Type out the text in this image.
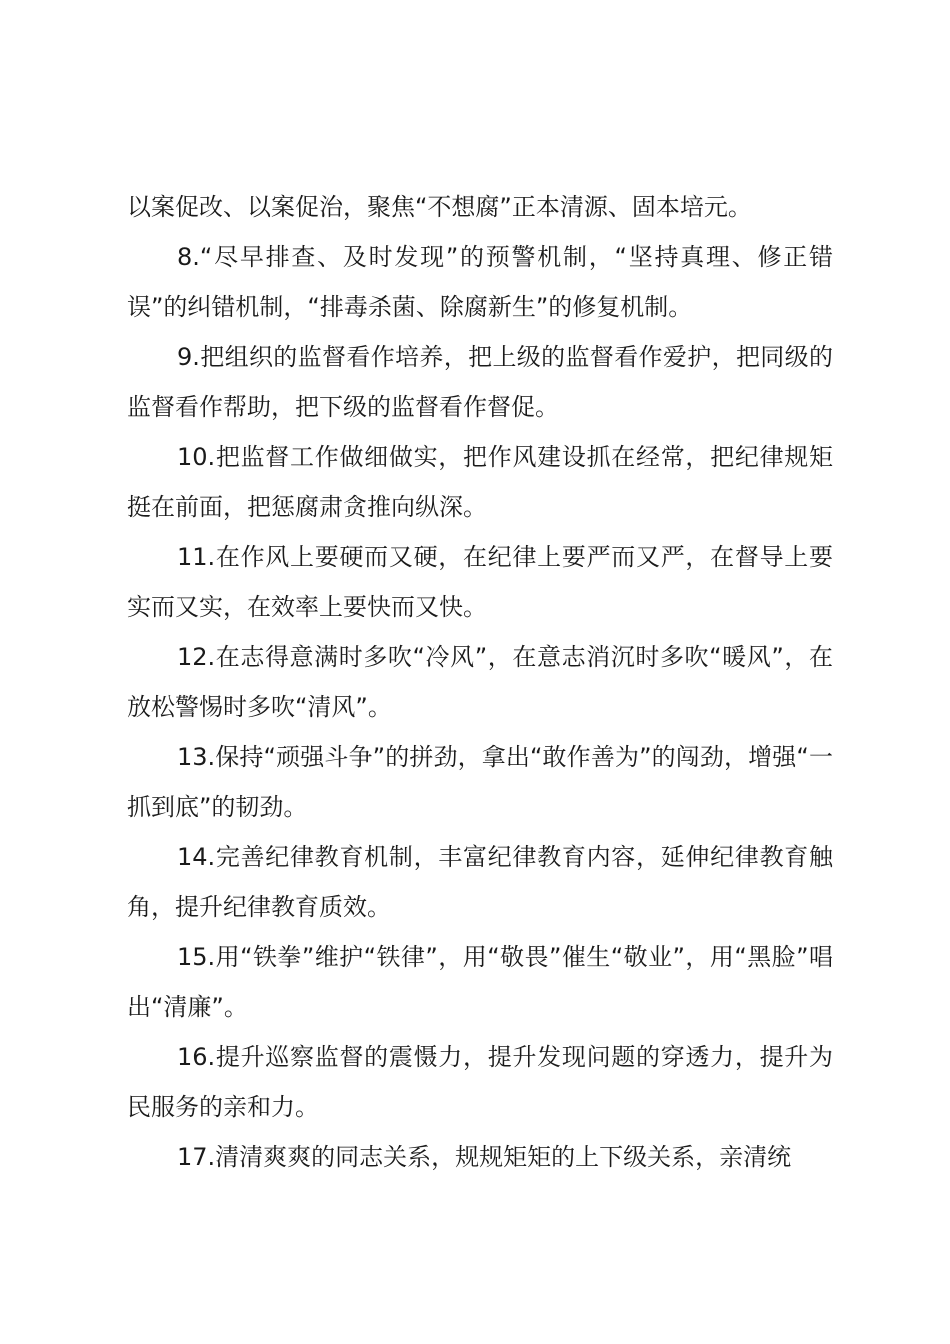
以案促改、以案促治，聚焦“不想腐”正本清源、固本培元。

8.“尽早排查、及时发现”的预警机制，“坚持真理、修正错误”的纠错机制，“排毒杀菌、除腐新生”的修复机制。

9.把组织的监督看作培养，把上级的监督看作爱护，把同级的监督看作帮助，把下级的监督看作督促。

10.把监督工作做细做实，把作风建设抓在经常，把纪律规矩挺在前面，把惩腐肃贪推向纵深。

11.在作风上要硬而又硬，在纪律上要严而又严，在督导上要实而又实，在效率上要快而又快。

12.在志得意满时多吹“冷风”，在意志消沉时多吹“暖风”，在放松警惕时多吹“清风”。

13.保持“顽强斗争”的拼劲，拿出“敢作善为”的闯劲，增强“一抓到底”的韧劲。

14.完善纪律教育机制，丰富纪律教育内容，延伸纪律教育触角，提升纪律教育质效。

15.用“铁拳”维护“铁律”，用“敬畏”催生“敬业”，用“黑脸”唱出“清廉”。

16.提升巡察监督的震慑力，提升发现问题的穿透力，提升为民服务的亲和力。

17.清清爽爽的同志关系，规规矩矩的上下级关系，亲清统
